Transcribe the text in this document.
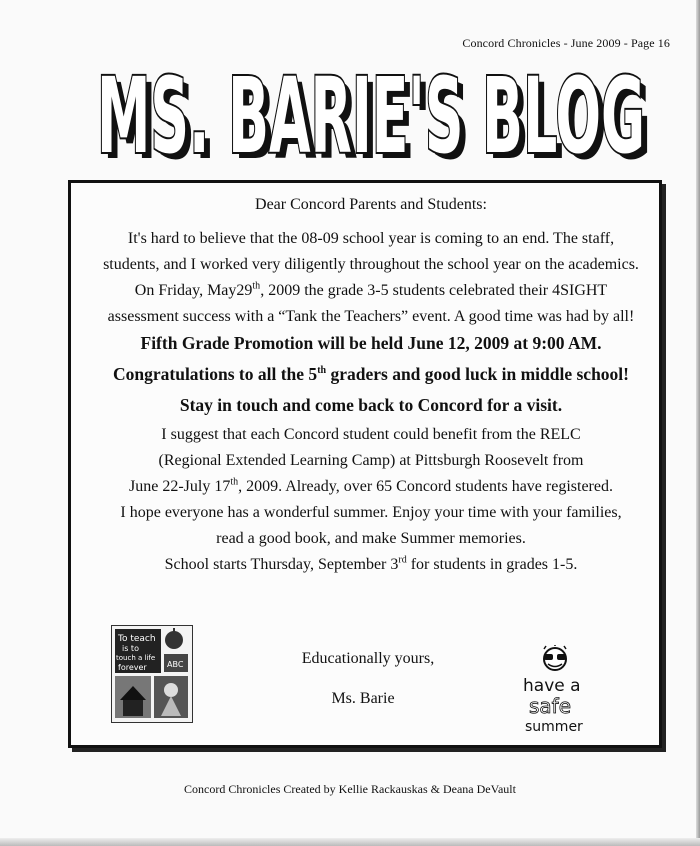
Concord Chronicles - June 2009 - Page 16
MS. BARIE'S BLOG
MS. BARIE'S BLOG
Dear Concord Parents and Students:
It's hard to believe that the 08-09 school year is coming to an end. The staff,
students, and I worked very diligently throughout the school year on the academics.
On Friday, May29th, 2009 the grade 3-5 students celebrated their 4SIGHT
assessment success with a “Tank the Teachers” event. A good time was had by all!
Fifth Grade Promotion will be held June 12, 2009 at 9:00 AM.
Congratulations to all the 5th graders and good luck in middle school!
Stay in touch and come back to Concord for a visit.
I suggest that each Concord student could benefit from the RELC
(Regional Extended Learning Camp) at Pittsburgh Roosevelt from
June 22-July 17th, 2009. Already, over 65 Concord students have registered.
I hope everyone has a wonderful summer. Enjoy your time with your families,
read a good book, and make Summer memories.
School starts Thursday, September 3rd for students in grades 1-5.
Educationally yours,
Ms. Barie
To teach
is to
touch a life
forever	ABC
have a
safe
summer
Concord Chronicles Created by Kellie Rackauskas & Deana DeVault
